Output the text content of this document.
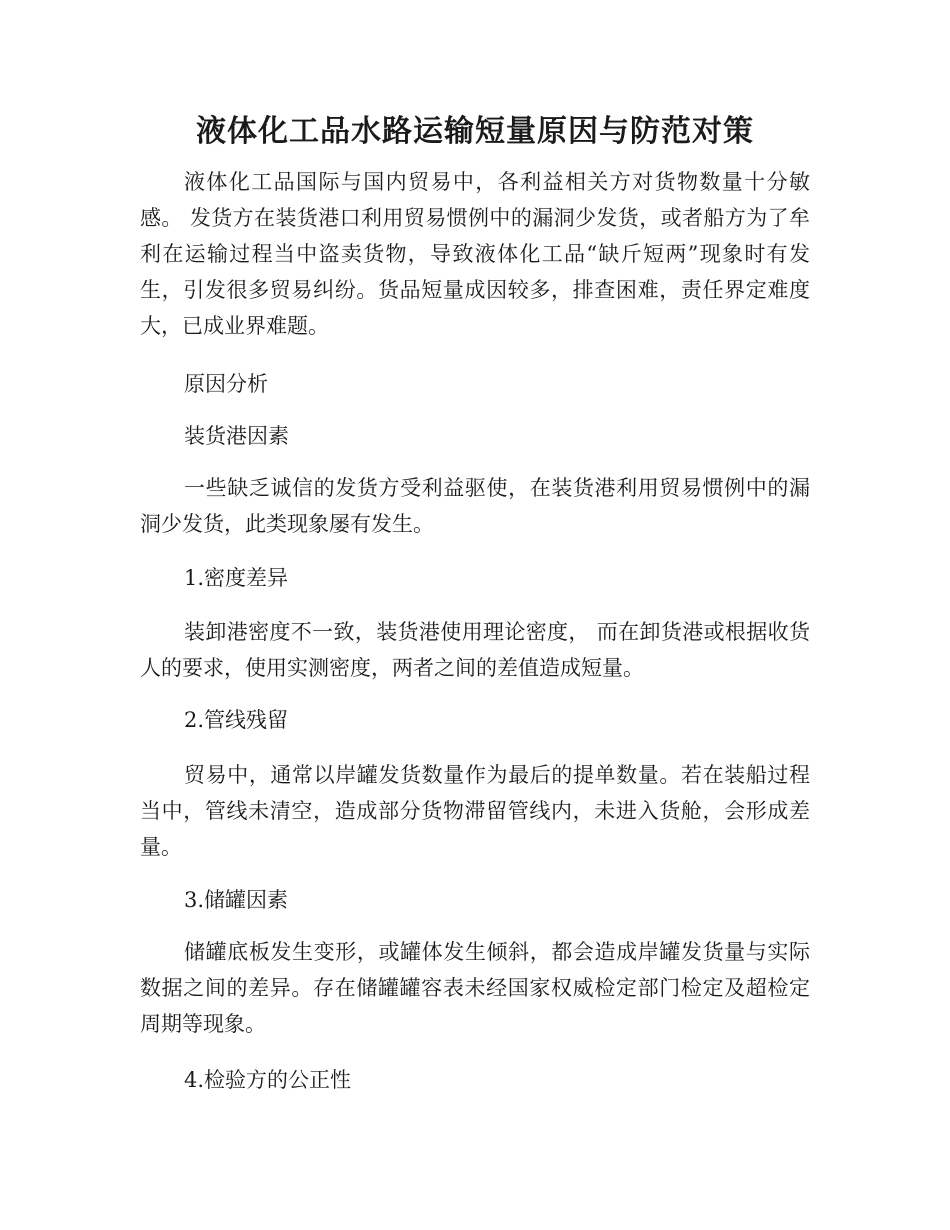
液体化工品水路运输短量原因与防范对策

液体化工品国际与国内贸易中，各利益相关方对货物数量十分敏感。 发货方在装货港口利用贸易惯例中的漏洞少发货，或者船方为了牟利在运输过程当中盗卖货物，导致液体化工品“缺斤短两”现象时有发生，引发很多贸易纠纷。货品短量成因较多，排查困难，责任界定难度大，已成业界难题。

原因分析

装货港因素

一些缺乏诚信的发货方受利益驱使，在装货港利用贸易惯例中的漏洞少发货，此类现象屡有发生。

1.密度差异

装卸港密度不一致，装货港使用理论密度， 而在卸货港或根据收货人的要求，使用实测密度，两者之间的差值造成短量。

2.管线残留

贸易中，通常以岸罐发货数量作为最后的提单数量。若在装船过程当中，管线未清空，造成部分货物滞留管线内，未进入货舱，会形成差量。

3.储罐因素

储罐底板发生变形，或罐体发生倾斜，都会造成岸罐发货量与实际数据之间的差异。存在储罐罐容表未经国家权威检定部门检定及超检定周期等现象。

4.检验方的公正性
